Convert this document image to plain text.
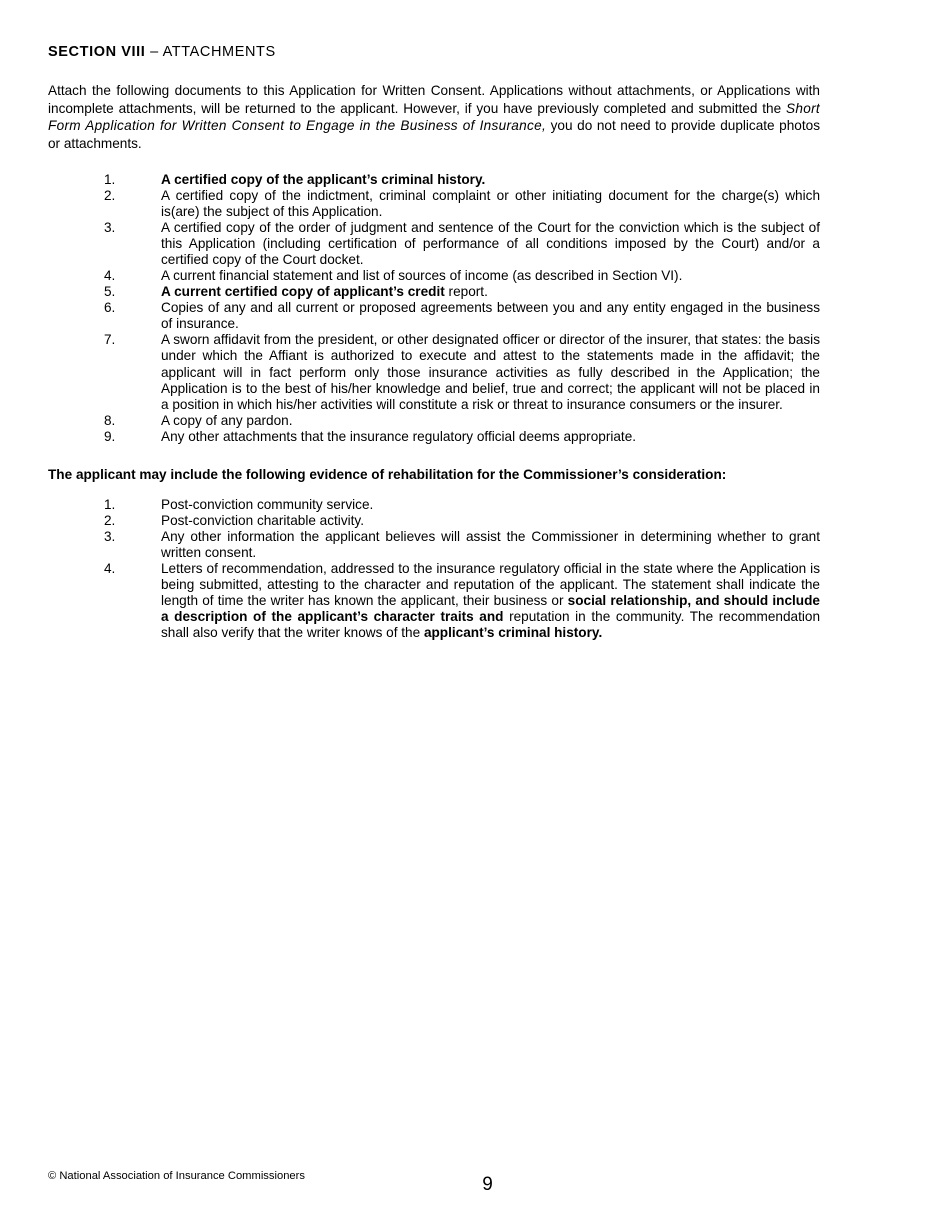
SECTION VIII – ATTACHMENTS

Attach the following documents to this Application for Written Consent. Applications without attachments, or Applications with incomplete attachments, will be returned to the applicant. However, if you have previously completed and submitted the Short Form Application for Written Consent to Engage in the Business of Insurance, you do not need to provide duplicate photos or attachments.

1.	A certified copy of the applicant’s criminal history.
2.	A certified copy of the indictment, criminal complaint or other initiating document for the charge(s) which is(are) the subject of this Application.
3.	A certified copy of the order of judgment and sentence of the Court for the conviction which is the subject of this Application (including certification of performance of all conditions imposed by the Court) and/or a certified copy of the Court docket.
4.	A current financial statement and list of sources of income (as described in Section VI).
5.	A current certified copy of applicant’s credit report.
6.	Copies of any and all current or proposed agreements between you and any entity engaged in the business of insurance.
7.	A sworn affidavit from the president, or other designated officer or director of the insurer, that states: the basis under which the Affiant is authorized to execute and attest to the statements made in the affidavit; the applicant will in fact perform only those insurance activities as fully described in the Application; the Application is to the best of his/her knowledge and belief, true and correct; the applicant will not be placed in a position in which his/her activities will constitute a risk or threat to insurance consumers or the insurer.
8.	A copy of any pardon.
9.	Any other attachments that the insurance regulatory official deems appropriate.

The applicant may include the following evidence of rehabilitation for the Commissioner’s consideration:

1.	Post-conviction community service.
2.	Post-conviction charitable activity.
3.	Any other information the applicant believes will assist the Commissioner in determining whether to grant written consent.
4.	Letters of recommendation, addressed to the insurance regulatory official in the state where the Application is being submitted, attesting to the character and reputation of the applicant. The statement shall indicate the length of time the writer has known the applicant, their business or social relationship, and should include a description of the applicant’s character traits and reputation in the community. The recommendation shall also verify that the writer knows of the applicant’s criminal history.
© National Association of Insurance Commissioners	9
